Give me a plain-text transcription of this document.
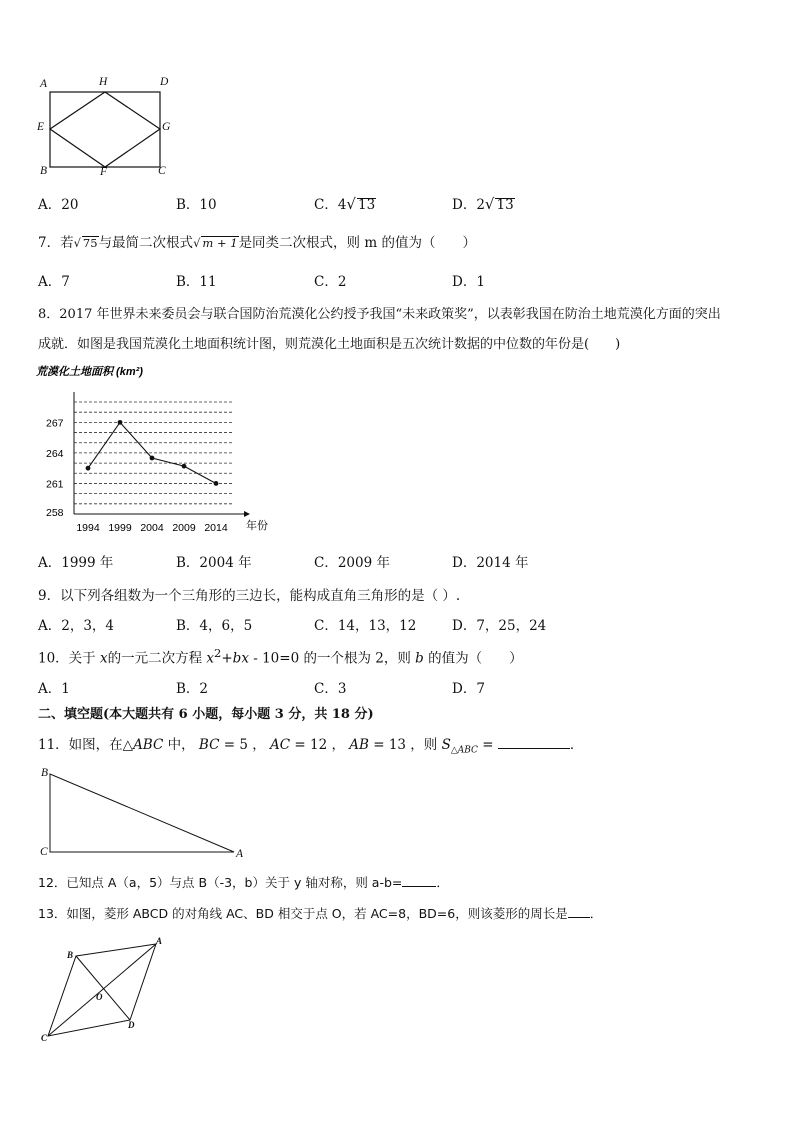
A	H	D
E	G
B	F	C
A．20	B．10	C．4√ 13	D．2√ 13
7．若√ 75与最简二次根式√ m + 1是同类二次根式，则 m 的值为（　　）
A．7	B．11	C．2	D．1
8．2017 年世界未来委员会与联合国防治荒漠化公约授予我国“未来政策奖”，以表彰我国在防治土地荒漠化方面的突出
成就．如图是我国荒漠化土地面积统计图，则荒漠化土地面积是五次统计数据的中位数的年份是(　　)
荒漠化土地面积 (km²)
258
261
264
267
1994 1999 2004 2009 2014 年份
A．1999 年	B．2004 年	C．2009 年	D．2014 年
9．以下列各组数为一个三角形的三边长，能构成直角三角形的是（ ）.
A．2，3，4	B．4，6，5	C．14，13，12	D．7，25，24
10．关于 x的一元二次方程 $x^2+bx - 10=0$ 的一个根为 2，则 b 的值为（　　）
A．1	B．2	C．3	D．7
二、填空题(本大题共有 6 小题，每小题 3 分，共 18 分)
11．如图，在△ABC 中， BC = 5 ， AC = 12 ， AB = 13 ，则 $S_{\triangle ABC}$ =	．
B
C	A
12．已知点 A（a，5）与点 B（-3，b）关于 y 轴对称，则 a-b=	．
13．如图，菱形 ABCD 的对角线 AC、BD 相交于点 O，若 AC=8，BD=6，则该菱形的周长是 ．
A
B
O
D
C
